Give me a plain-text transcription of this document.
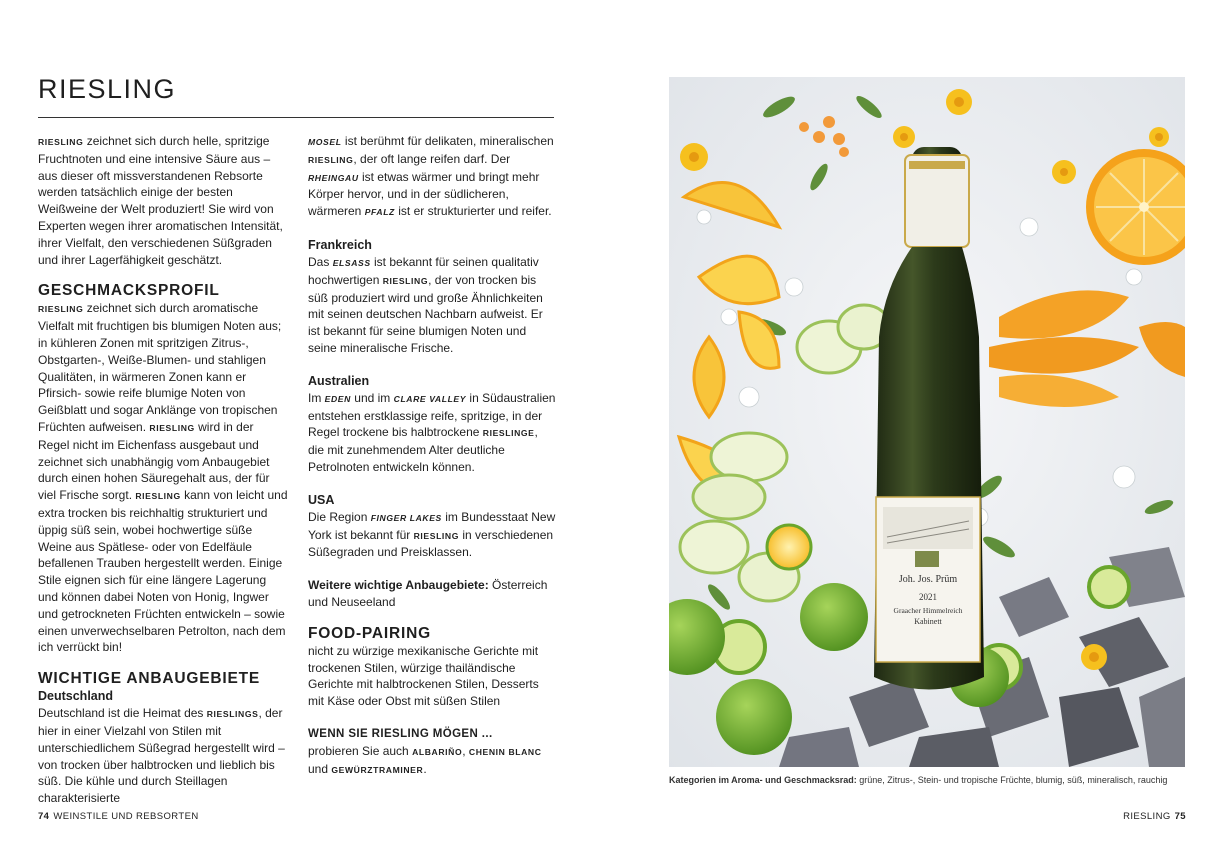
RIESLING

RIESLING zeichnet sich durch helle, spritzige Fruchtnoten und eine intensive Säure aus – aus dieser oft missverstandenen Rebsorte werden tatsächlich einige der besten Weißweine der Welt produziert! Sie wird von Experten wegen ihrer aromatischen Intensität, ihrer Vielfalt, den verschiedenen Süßgraden und ihrer Lagerfähigkeit geschätzt.

GESCHMACKSPROFIL

RIESLING zeichnet sich durch aromatische Vielfalt mit fruchtigen bis blumigen Noten aus; in kühleren Zonen mit spritzigen Zitrus-, Obstgarten-, Weiße-Blumen- und stahligen Qualitäten, in wärmeren Zonen kann er Pfirsich- sowie reife blumige Noten von Geißblatt und sogar Anklänge von tropischen Früchten aufweisen. RIESLING wird in der Regel nicht im Eichenfass ausgebaut und zeichnet sich unabhängig vom Anbaugebiet durch einen hohen Säuregehalt aus, der für viel Frische sorgt. RIESLING kann von leicht und extra trocken bis reichhaltig strukturiert und üppig süß sein, wobei hochwertige süße Weine aus Spätlese- oder von Edelfäule befallenen Trauben hergestellt werden. Einige Stile eignen sich für eine längere Lagerung und können dabei Noten von Honig, Ingwer und getrockneten Früchten entwickeln – sowie einen unverwechselbaren Petrolton, nach dem ich verrückt bin!

WICHTIGE ANBAUGEBIETE
Deutschland

Deutschland ist die Heimat des RIESLINGS, der hier in einer Vielzahl von Stilen mit unterschiedlichem Süßegrad hergestellt wird – von trocken über halbtrocken und lieblich bis süß. Die kühle und durch Steillagen charakterisierte

MOSEL ist berühmt für delikaten, mineralischen RIESLING, der oft lange reifen darf. Der RHEINGAU ist etwas wärmer und bringt mehr Körper hervor, und in der südlicheren, wärmeren PFALZ ist er strukturierter und reifer.

Frankreich

Das ELSASS ist bekannt für seinen qualitativ hochwertigen RIESLING, der von trocken bis süß produziert wird und große Ähnlichkeiten mit seinen deutschen Nachbarn aufweist. Er ist bekannt für seine blumigen Noten und seine mineralische Frische.

Australien

Im EDEN und im CLARE VALLEY in Südaustralien entstehen erstklassige reife, spritzige, in der Regel trockene bis halbtrockene RIESLINGE, die mit zunehmendem Alter deutliche Petrolnoten entwickeln können.

USA

Die Region FINGER LAKES im Bundesstaat New York ist bekannt für RIESLING in verschiedenen Süßegraden und Preisklassen.

Weitere wichtige Anbaugebiete: Österreich und Neuseeland

FOOD-PAIRING

nicht zu würzige mexikanische Gerichte mit trockenen Stilen, würzige thailändische Gerichte mit halbtrockenen Stilen, Desserts mit Käse oder Obst mit süßen Stilen

WENN SIE RIESLING MÖGEN ...

probieren Sie auch ALBARIÑO, CHENIN BLANC und GEWÜRZTRAMINER.

Joh. Jos. Prüm
2021
Graacher Himmelreich
Kabinett
Kategorien im Aroma- und Geschmacksrad: grüne, Zitrus-, Stein- und tropische Früchte, blumig, süß, mineralisch, rauchig
74 WEINSTILE UND REBSORTEN	RIESLING 75
